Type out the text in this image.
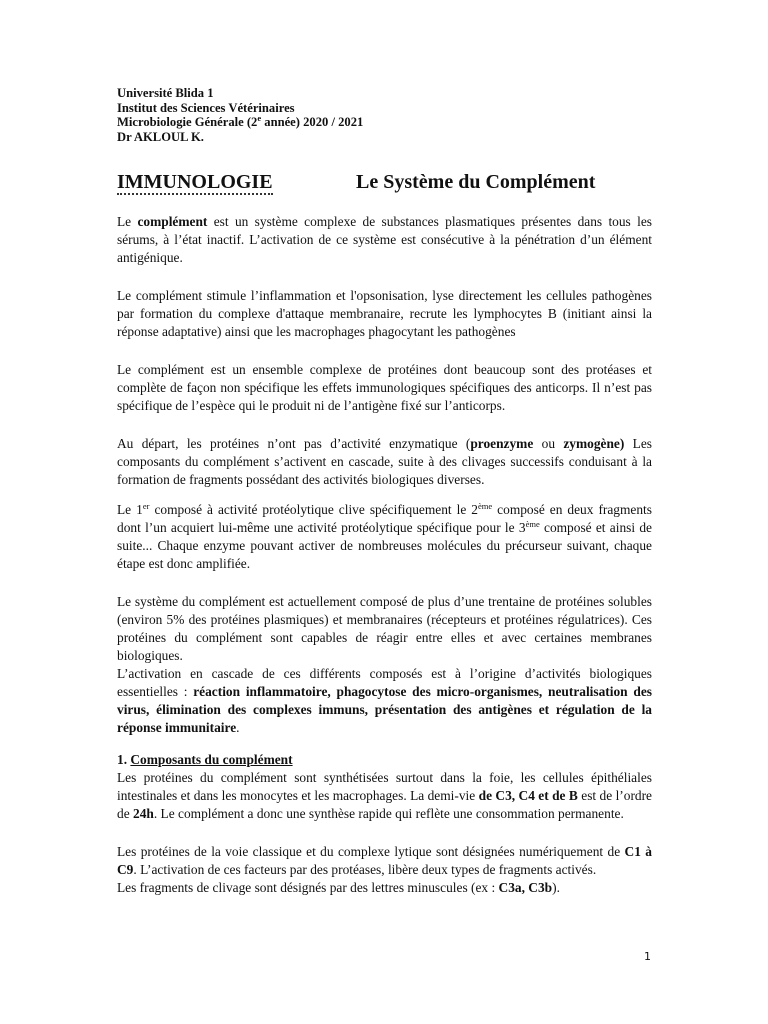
Université Blida 1
Institut des Sciences Vétérinaires
Microbiologie Générale (2e année) 2020 / 2021
Dr AKLOUL K.
IMMUNOLOGIE	Le Système du Complément

Le complément est un système complexe de substances plasmatiques présentes dans tous les sérums, à l’état inactif. L’activation de ce système est consécutive à la pénétration d’un élément antigénique.

Le complément stimule l’inflammation et l'opsonisation, lyse directement les cellules pathogènes par formation du complexe d'attaque membranaire, recrute les lymphocytes B (initiant ainsi la réponse adaptative) ainsi que les macrophages phagocytant les pathogènes

Le complément est un ensemble complexe de protéines dont beaucoup sont des protéases et complète de façon non spécifique les effets immunologiques spécifiques des anticorps. Il n’est pas spécifique de l’espèce qui le produit ni de l’antigène fixé sur l’anticorps.

Au départ, les protéines n’ont pas d’activité enzymatique (proenzyme ou zymogène) Les composants du complément s’activent en cascade, suite à des clivages successifs conduisant à la formation de fragments possédant des activités biologiques diverses.

Le 1er composé à activité protéolytique clive spécifiquement le 2ème composé en deux fragments dont l’un acquiert lui-même une activité protéolytique spécifique pour le 3ème composé et ainsi de suite... Chaque enzyme pouvant activer de nombreuses molécules du précurseur suivant, chaque étape est donc amplifiée.

Le système du complément est actuellement composé de plus d’une trentaine de protéines solubles (environ 5% des protéines plasmiques) et membranaires (récepteurs et protéines régulatrices). Ces protéines du complément sont capables de réagir entre elles et avec certaines membranes biologiques.

L’activation en cascade de ces différents composés est à l’origine d’activités biologiques essentielles : réaction inflammatoire, phagocytose des micro-organismes, neutralisation des virus, élimination des complexes immuns, présentation des antigènes et régulation de la réponse immunitaire.

1. Composants du complément

Les protéines du complément sont synthétisées surtout dans la foie, les cellules épithéliales intestinales et dans les monocytes et les macrophages. La demi-vie de C3, C4 et de B est de l’ordre de 24h. Le complément a donc une synthèse rapide qui reflète une consommation permanente.

Les protéines de la voie classique et du complexe lytique sont désignées numériquement de C1 à C9. L’activation de ces facteurs par des protéases, libère deux types de fragments activés.

Les fragments de clivage sont désignés par des lettres minuscules (ex : C3a, C3b).

1
